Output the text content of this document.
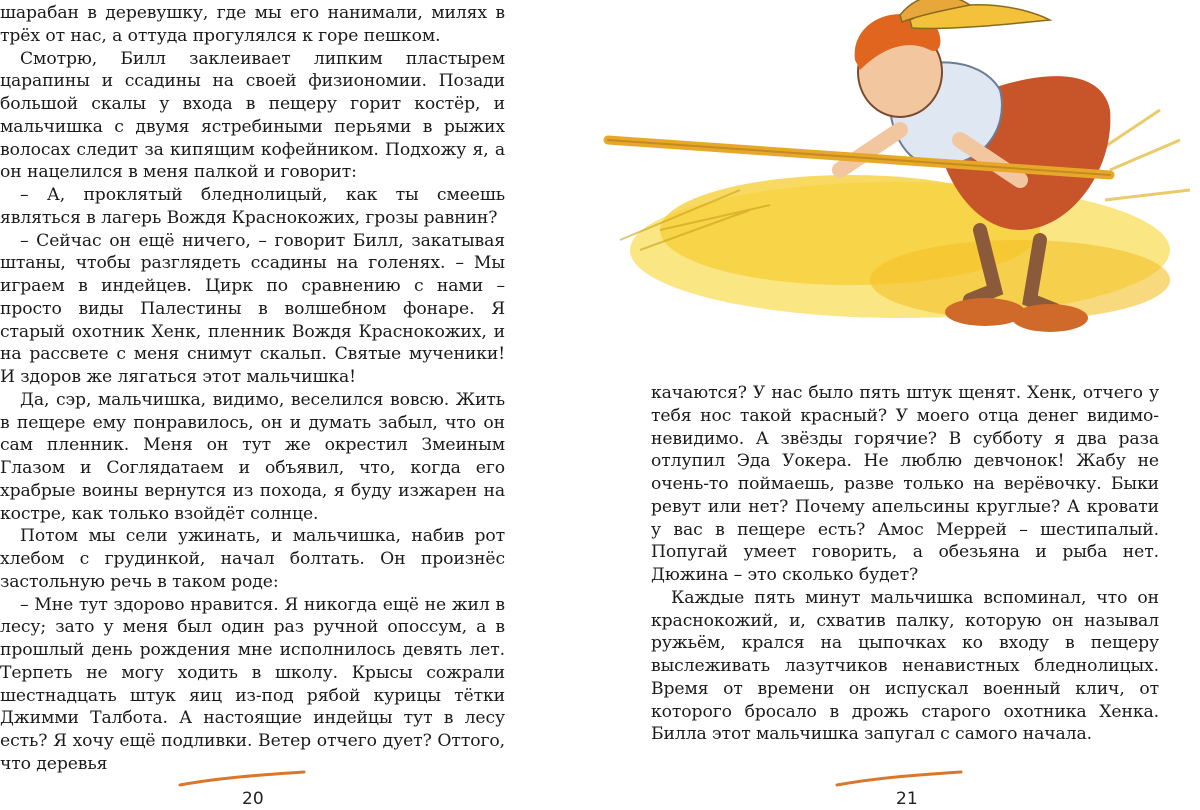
шарабан в деревушку, где мы его нанимали, милях в трёх от нас, а оттуда прогулялся к горе пешком.

Смотрю, Билл заклеивает липким пластырем царапины и ссадины на своей физиономии. Позади большой скалы у входа в пещеру горит костёр, и мальчишка с двумя ястребиными перьями в рыжих волосах следит за кипящим кофейником. Подхожу я, а он нацелился в меня палкой и говорит:

– А, проклятый бледнолицый, как ты смеешь являться в лагерь Вождя Краснокожих, грозы равнин?

– Сейчас он ещё ничего, – говорит Билл, закатывая штаны, чтобы разглядеть ссадины на голенях. – Мы играем в индейцев. Цирк по сравнению с нами – просто виды Палестины в волшебном фонаре. Я старый охотник Хенк, пленник Вождя Краснокожих, и на рассвете с меня снимут скальп. Святые мученики! И здоров же лягаться этот мальчишка!

Да, сэр, мальчишка, видимо, веселился вовсю. Жить в пещере ему понравилось, он и думать забыл, что он сам пленник. Меня он тут же окрестил Змеиным Глазом и Соглядатаем и объявил, что, когда его храбрые воины вернутся из похода, я буду изжарен на костре, как только взойдёт солнце.

Потом мы сели ужинать, и мальчишка, набив рот хлебом с грудинкой, начал болтать. Он произнёс застольную речь в таком роде:

– Мне тут здорово нравится. Я никогда ещё не жил в лесу; зато у меня был один раз ручной опоссум, а в прошлый день рождения мне исполнилось девять лет. Терпеть не могу ходить в школу. Крысы сожрали шестнадцать штук яиц из-под рябой курицы тётки Джимми Талбота. А настоящие индейцы тут в лесу есть? Я хочу ещё подливки. Ветер отчего дует? Оттого, что деревья

20

качаются? У нас было пять штук щенят. Хенк, отчего у тебя нос такой красный? У моего отца денег видимо-невидимо. А звёзды горячие? В субботу я два раза отлупил Эда Уокера. Не люблю девчонок! Жабу не очень-то поймаешь, разве только на верёвочку. Быки ревут или нет? Почему апельсины круглые? А кровати у вас в пещере есть? Амос Меррей – шестипалый. Попугай умеет говорить, а обезьяна и рыба нет. Дюжина – это сколько будет?

Каждые пять минут мальчишка вспоминал, что он краснокожий, и, схватив палку, которую он называл ружьём, крался на цыпочках ко входу в пещеру выслеживать лазутчиков ненавистных бледнолицых. Время от времени он испускал военный клич, от которого бросало в дрожь старого охотника Хенка. Билла этот мальчишка запугал с самого начала.

21
